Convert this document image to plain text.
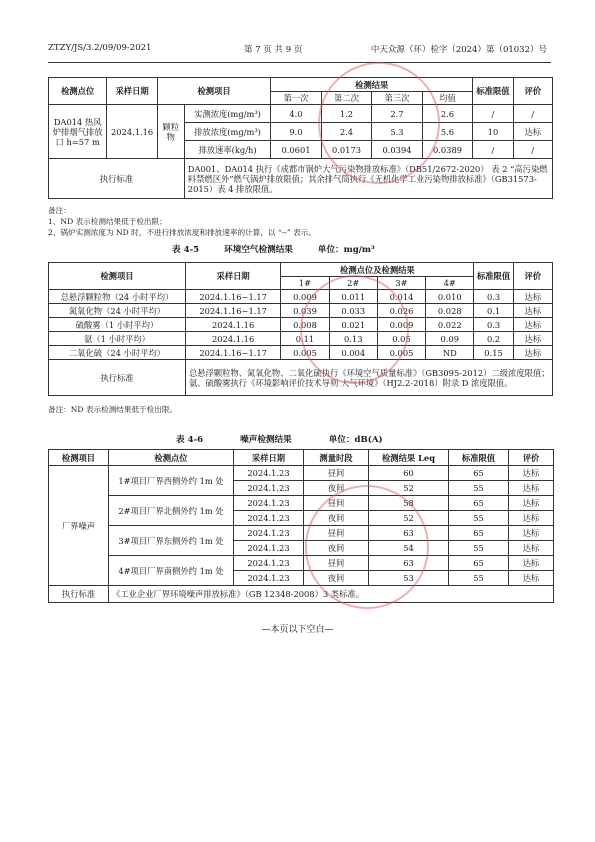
ZTZY/JS/3.2/09/09-2021	第 7 页 共 9 页	中天众源（环）检字（2024）第（01032）号
检测点位	采样日期	检测项目		检测结果				标准限值	评价
				第一次	第二次	第三次	均值		
DA014 热风炉排烟气排放口 h=57 m	2024.1.16	颗粒物	实测浓度(mg/m³)	4.0	1.2	2.7	2.6	/	/
			排放浓度(mg/m³)	9.0	2.4	5.3	5.6	10	达标
			排放速率(kg/h)	0.0601	0.0173	0.0394	0.0389	/	/
执行标准			DA001、DA014 执行《成都市锅炉大气污染物排放标准》（DB51/2672-2020） 表 2 “高污染燃料禁燃区外”燃气锅炉排放限值；其余排气筒执行《无机化学工业污染物排放标准》（GB31573-2015）表 4 排放限值。						
备注：
1、ND 表示检测结果低于检出限；
2、锅炉实测浓度为 ND 时，不进行排放浓度和排放速率的计算，以 “--” 表示。
表 4-5	环境空气检测结果	单位：mg/m³
检测项目	采样日期	检测点位及检测结果				标准限值	评价
		1#	2#	3#	4#		
总悬浮颗粒物（24 小时平均）	2024.1.16~1.17	0.009	0.011	0.014	0.010	0.3	达标
氮氧化物（24 小时平均）	2024.1.16~1.17	0.039	0.033	0.026	0.028	0.1	达标
硫酸雾（1 小时平均）	2024.1.16	0.008	0.021	0.009	0.022	0.3	达标
氨（1 小时平均）	2024.1.16	0.11	0.13	0.05	0.09	0.2	达标
二氧化硫（24 小时平均）	2024.1.16~1.17	0.005	0.004	0.005	ND	0.15	达标
执行标准	总悬浮颗粒物、氮氧化物、二氧化硫执行《环境空气质量标准》（GB3095-2012）二级浓度限值；氨、硫酸雾执行《环境影响评价技术导则 大气环境》（HJ2.2-2018）附录 D 浓度限值。						
备注：ND 表示检测结果低于检出限。
表 4-6	噪声检测结果	单位：dB(A)
检测项目	检测点位	采样日期	测量时段	检测结果 Leq	标准限值	评价
厂界噪声	1#项目厂界西侧外约 1m 处	2024.1.23	昼间	60	65	达标
		2024.1.23	夜间	52	55	达标
	2#项目厂界北侧外约 1m 处	2024.1.23	昼间	58	65	达标
		2024.1.23	夜间	52	55	达标
	3#项目厂界东侧外约 1m 处	2024.1.23	昼间	63	65	达标
		2024.1.23	夜间	54	55	达标
	4#项目厂界南侧外约 1m 处	2024.1.23	昼间	63	65	达标
		2024.1.23	夜间	53	55	达标
执行标准	《工业企业厂界环境噪声排放标准》（GB 12348-2008）3 类标准。					
—本页以下空白—
